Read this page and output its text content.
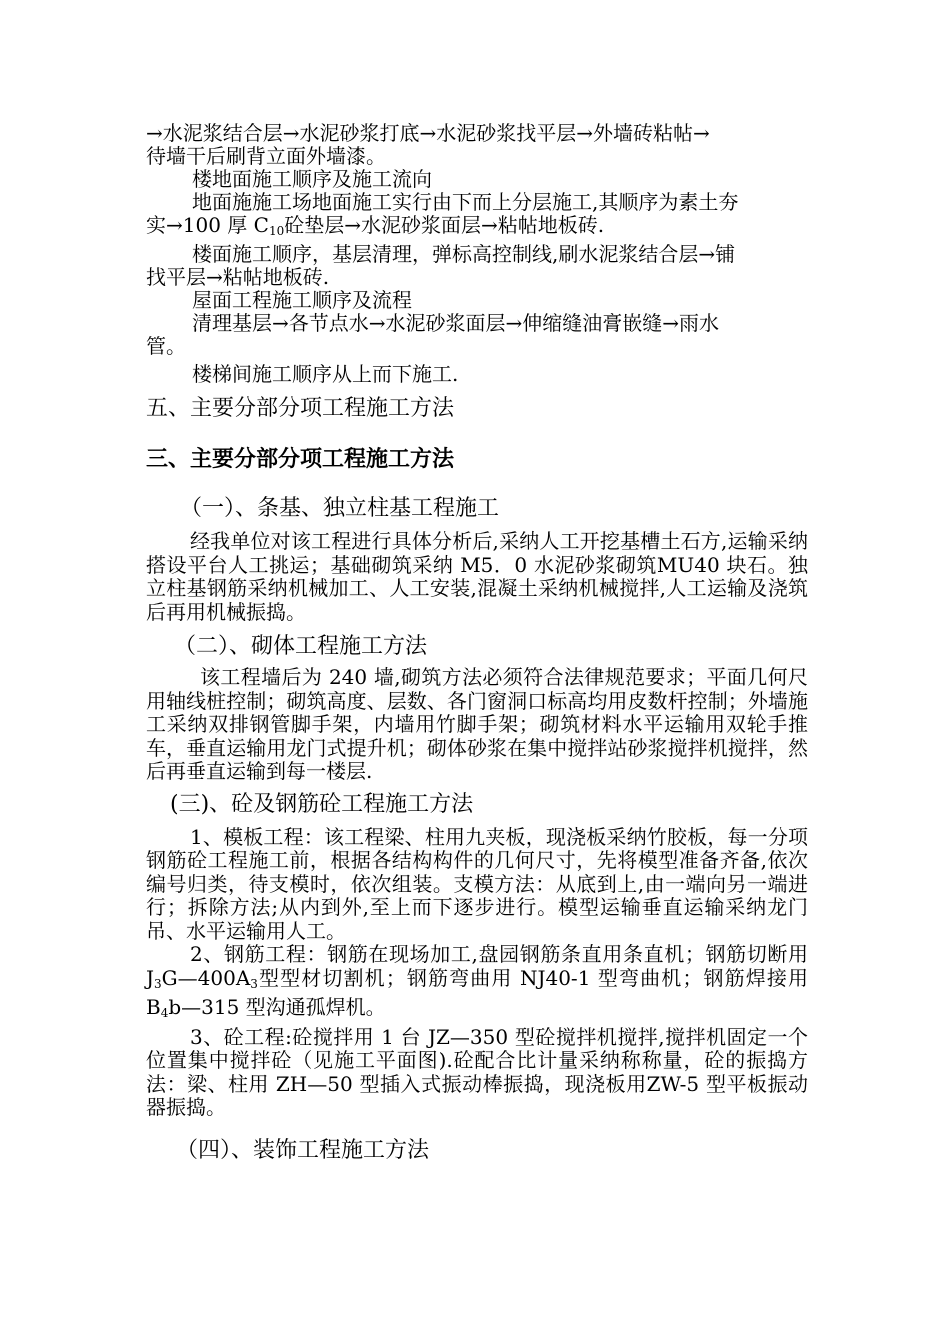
→水泥浆结合层→水泥砂浆打底→水泥砂浆找平层→外墙砖粘帖→
待墙干后刷背立面外墙漆。
楼地面施工顺序及施工流向
地面施施工场地面施工实行由下而上分层施工,其顺序为素土夯
实→100 厚 $C_{10}$砼垫层→水泥砂浆面层→粘帖地板砖.
楼面施工顺序，基层清理，弹标高控制线,刷水泥浆结合层→铺
找平层→粘帖地板砖.
屋面工程施工顺序及流程
清理基层→各节点水→水泥砂浆面层→伸缩缝油膏嵌缝→雨水
管。
楼梯间施工顺序从上而下施工.
五、主要分部分项工程施工方法
三、主要分部分项工程施工方法
（一）、条基、独立柱基工程施工

经我单位对该工程进行具体分析后,采纳人工开挖基槽土石方,运输采纳搭设平台人工挑运；基础砌筑采纳 M5．0 水泥砂浆砌筑MU40 块石。独立柱基钢筋采纳机械加工、人工安装,混凝土采纳机械搅拌,人工运输及浇筑后再用机械振捣。

（二）、砌体工程施工方法

该工程墙后为 240 墙,砌筑方法必须符合法律规范要求；平面几何尺用轴线桩控制；砌筑高度、层数、各门窗洞口标高均用皮数杆控制；外墙施工采纳双排钢管脚手架，内墙用竹脚手架；砌筑材料水平运输用双轮手推车，垂直运输用龙门式提升机；砌体砂浆在集中搅拌站砂浆搅拌机搅拌，然后再垂直运输到每一楼层.

(三)、砼及钢筋砼工程施工方法

1、模板工程：该工程梁、柱用九夹板，现浇板采纳竹胶板，每一分项钢筋砼工程施工前，根据各结构构件的几何尺寸，先将模型准备齐备,依次编号归类，待支模时，依次组装。支模方法：从底到上,由一端向另一端进行；拆除方法;从内到外,至上而下逐步进行。模型运输垂直运输采纳龙门吊、水平运输用人工。

2、钢筋工程：钢筋在现场加工,盘园钢筋条直用条直机；钢筋切断用 $J_3G—400A_3$型型材切割机；钢筋弯曲用 NJ40-1 型弯曲机；钢筋焊接用 $B_4b—315$ 型沟通孤焊机。

3、砼工程:砼搅拌用 1 台 JZ—350 型砼搅拌机搅拌,搅拌机固定一个位置集中搅拌砼（见施工平面图).砼配合比计量采纳称称量，砼的振捣方法：梁、柱用 ZH—50 型插入式振动棒振捣，现浇板用ZW-5 型平板振动器振捣。

（四）、装饰工程施工方法
